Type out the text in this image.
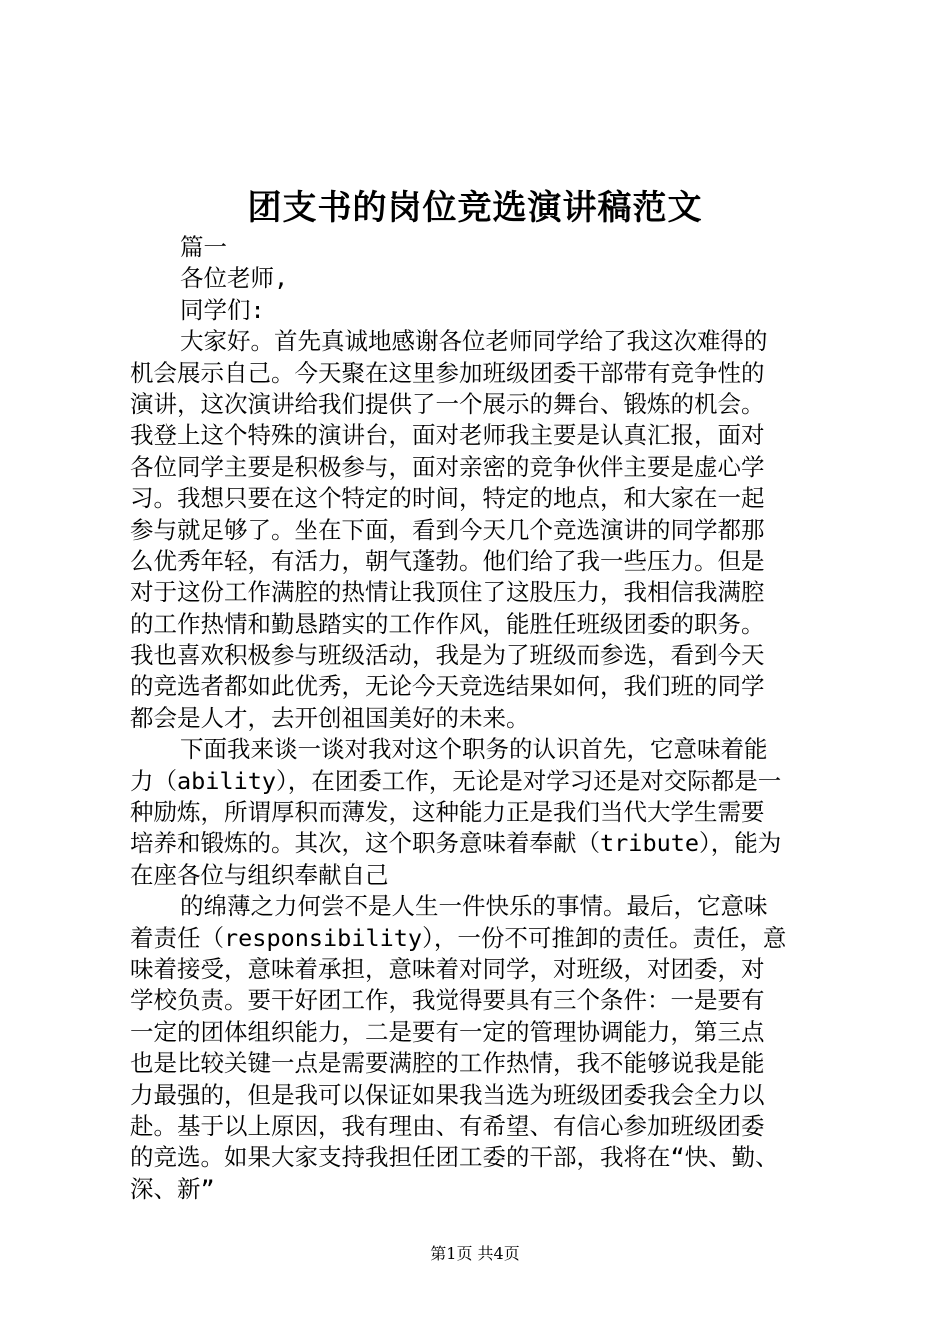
团支书的岗位竞选演讲稿范文
篇一
各位老师,
同学们:
大家好。首先真诚地感谢各位老师同学给了我这次难得的
机会展示自己。今天聚在这里参加班级团委干部带有竞争性的
演讲，这次演讲给我们提供了一个展示的舞台、锻炼的机会。
我登上这个特殊的演讲台，面对老师我主要是认真汇报，面对
各位同学主要是积极参与，面对亲密的竞争伙伴主要是虚心学
习。我想只要在这个特定的时间，特定的地点，和大家在一起
参与就足够了。坐在下面，看到今天几个竞选演讲的同学都那
么优秀年轻，有活力，朝气蓬勃。他们给了我一些压力。但是
对于这份工作满腔的热情让我顶住了这股压力，我相信我满腔
的工作热情和勤恳踏实的工作作风，能胜任班级团委的职务。
我也喜欢积极参与班级活动，我是为了班级而参选，看到今天
的竞选者都如此优秀，无论今天竞选结果如何，我们班的同学
都会是人才，去开创祖国美好的未来。
下面我来谈一谈对我对这个职务的认识首先，它意味着能
力（ability），在团委工作，无论是对学习还是对交际都是一
种励炼，所谓厚积而薄发，这种能力正是我们当代大学生需要
培养和锻炼的。其次，这个职务意味着奉献（tribute），能为
在座各位与组织奉献自己
的绵薄之力何尝不是人生一件快乐的事情。最后，它意味
着责任（responsibility），一份不可推卸的责任。责任，意
味着接受，意味着承担，意味着对同学，对班级，对团委，对
学校负责。要干好团工作，我觉得要具有三个条件：一是要有
一定的团体组织能力，二是要有一定的管理协调能力，第三点
也是比较关键一点是需要满腔的工作热情，我不能够说我是能
力最强的，但是我可以保证如果我当选为班级团委我会全力以
赴。基于以上原因，我有理由、有希望、有信心参加班级团委
的竞选。如果大家支持我担任团工委的干部，我将在“快、勤、
深、新”
第1页 共4页
